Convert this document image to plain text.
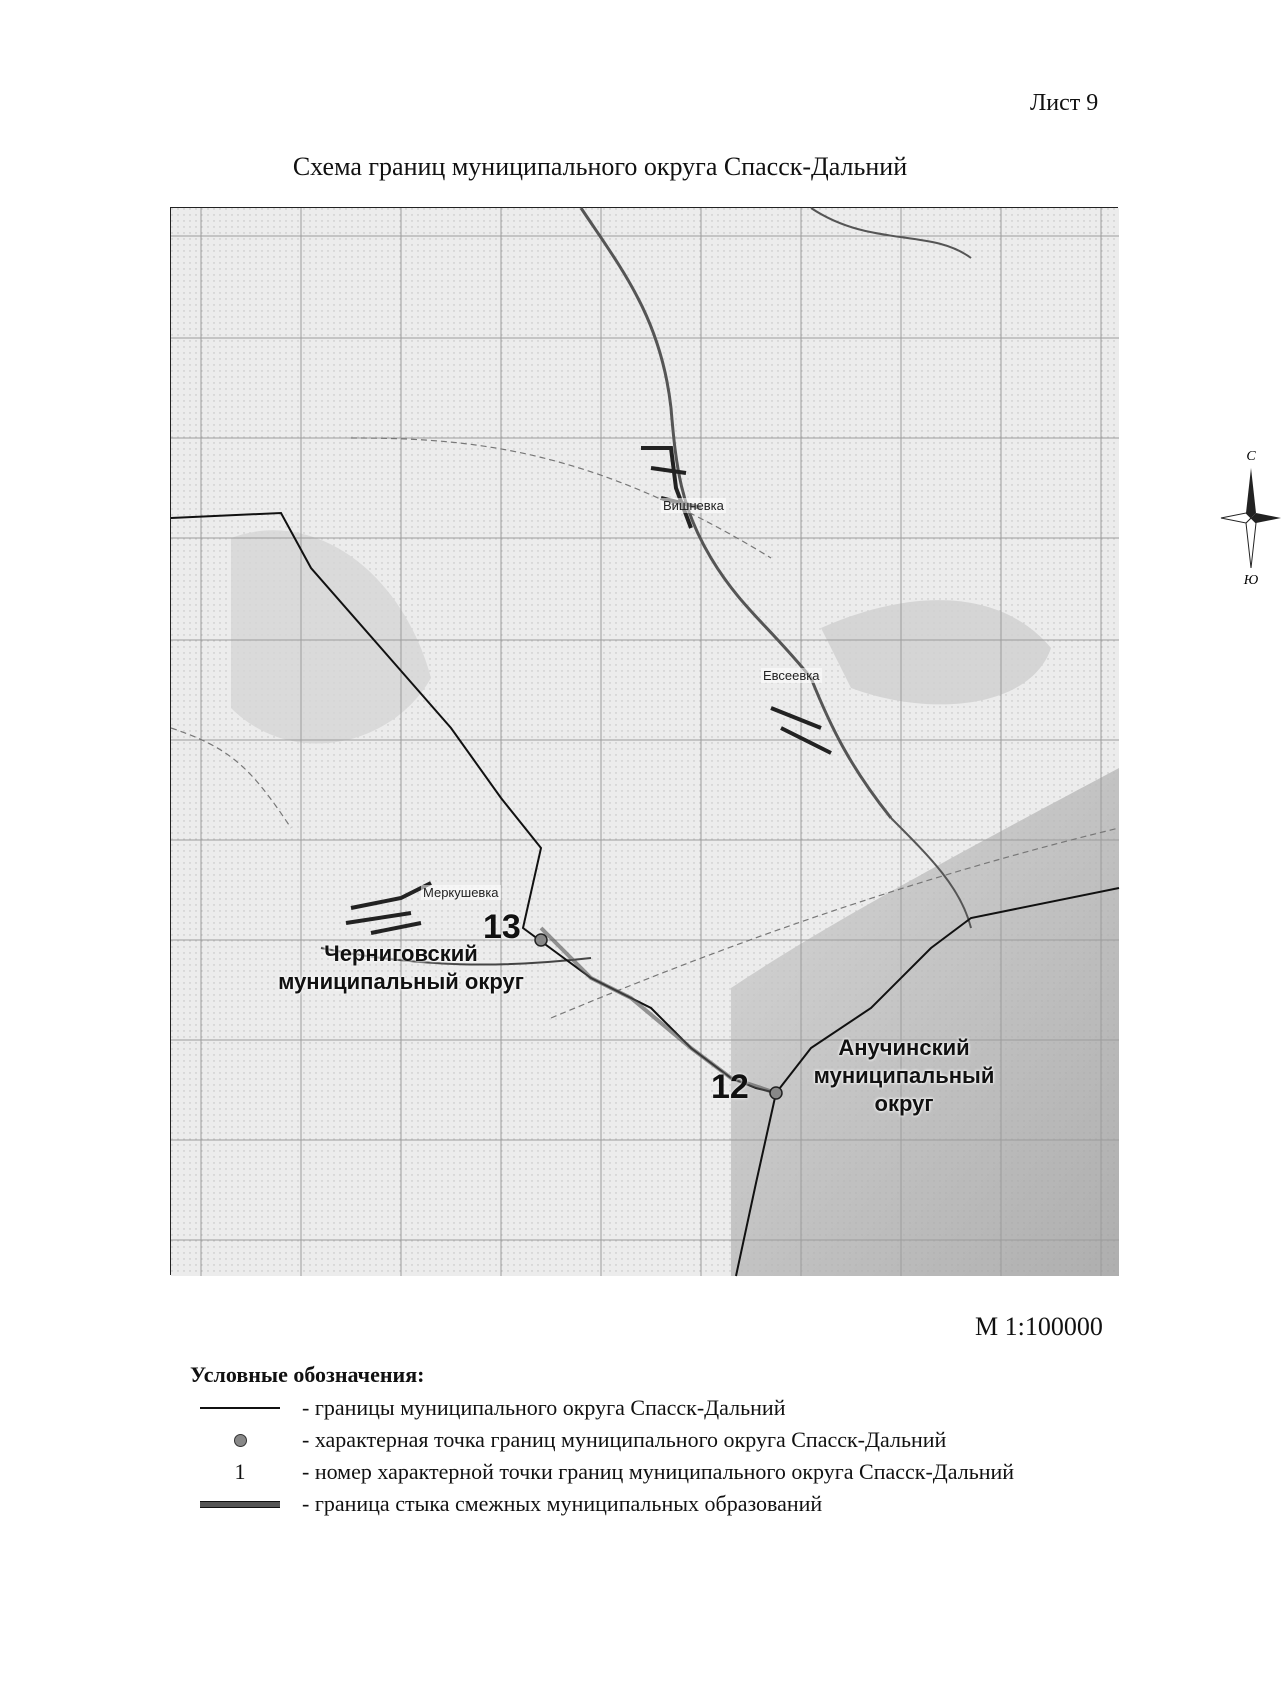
Лист 9
Схема границ муниципального округа Спасск-Дальний
С
Ю
Вишневка
Евсеевка
Меркушевка
13
12
Черниговский
муниципальный округ
Анучинский
муниципальный
округ
М 1:100000
Условные обозначения:
- границы муниципального округа Спасск-Дальний
- характерная точка границ муниципального округа Спасск-Дальний
1	- номер характерной точки границ муниципального округа Спасск-Дальний
- граница стыка смежных муниципальных образований
